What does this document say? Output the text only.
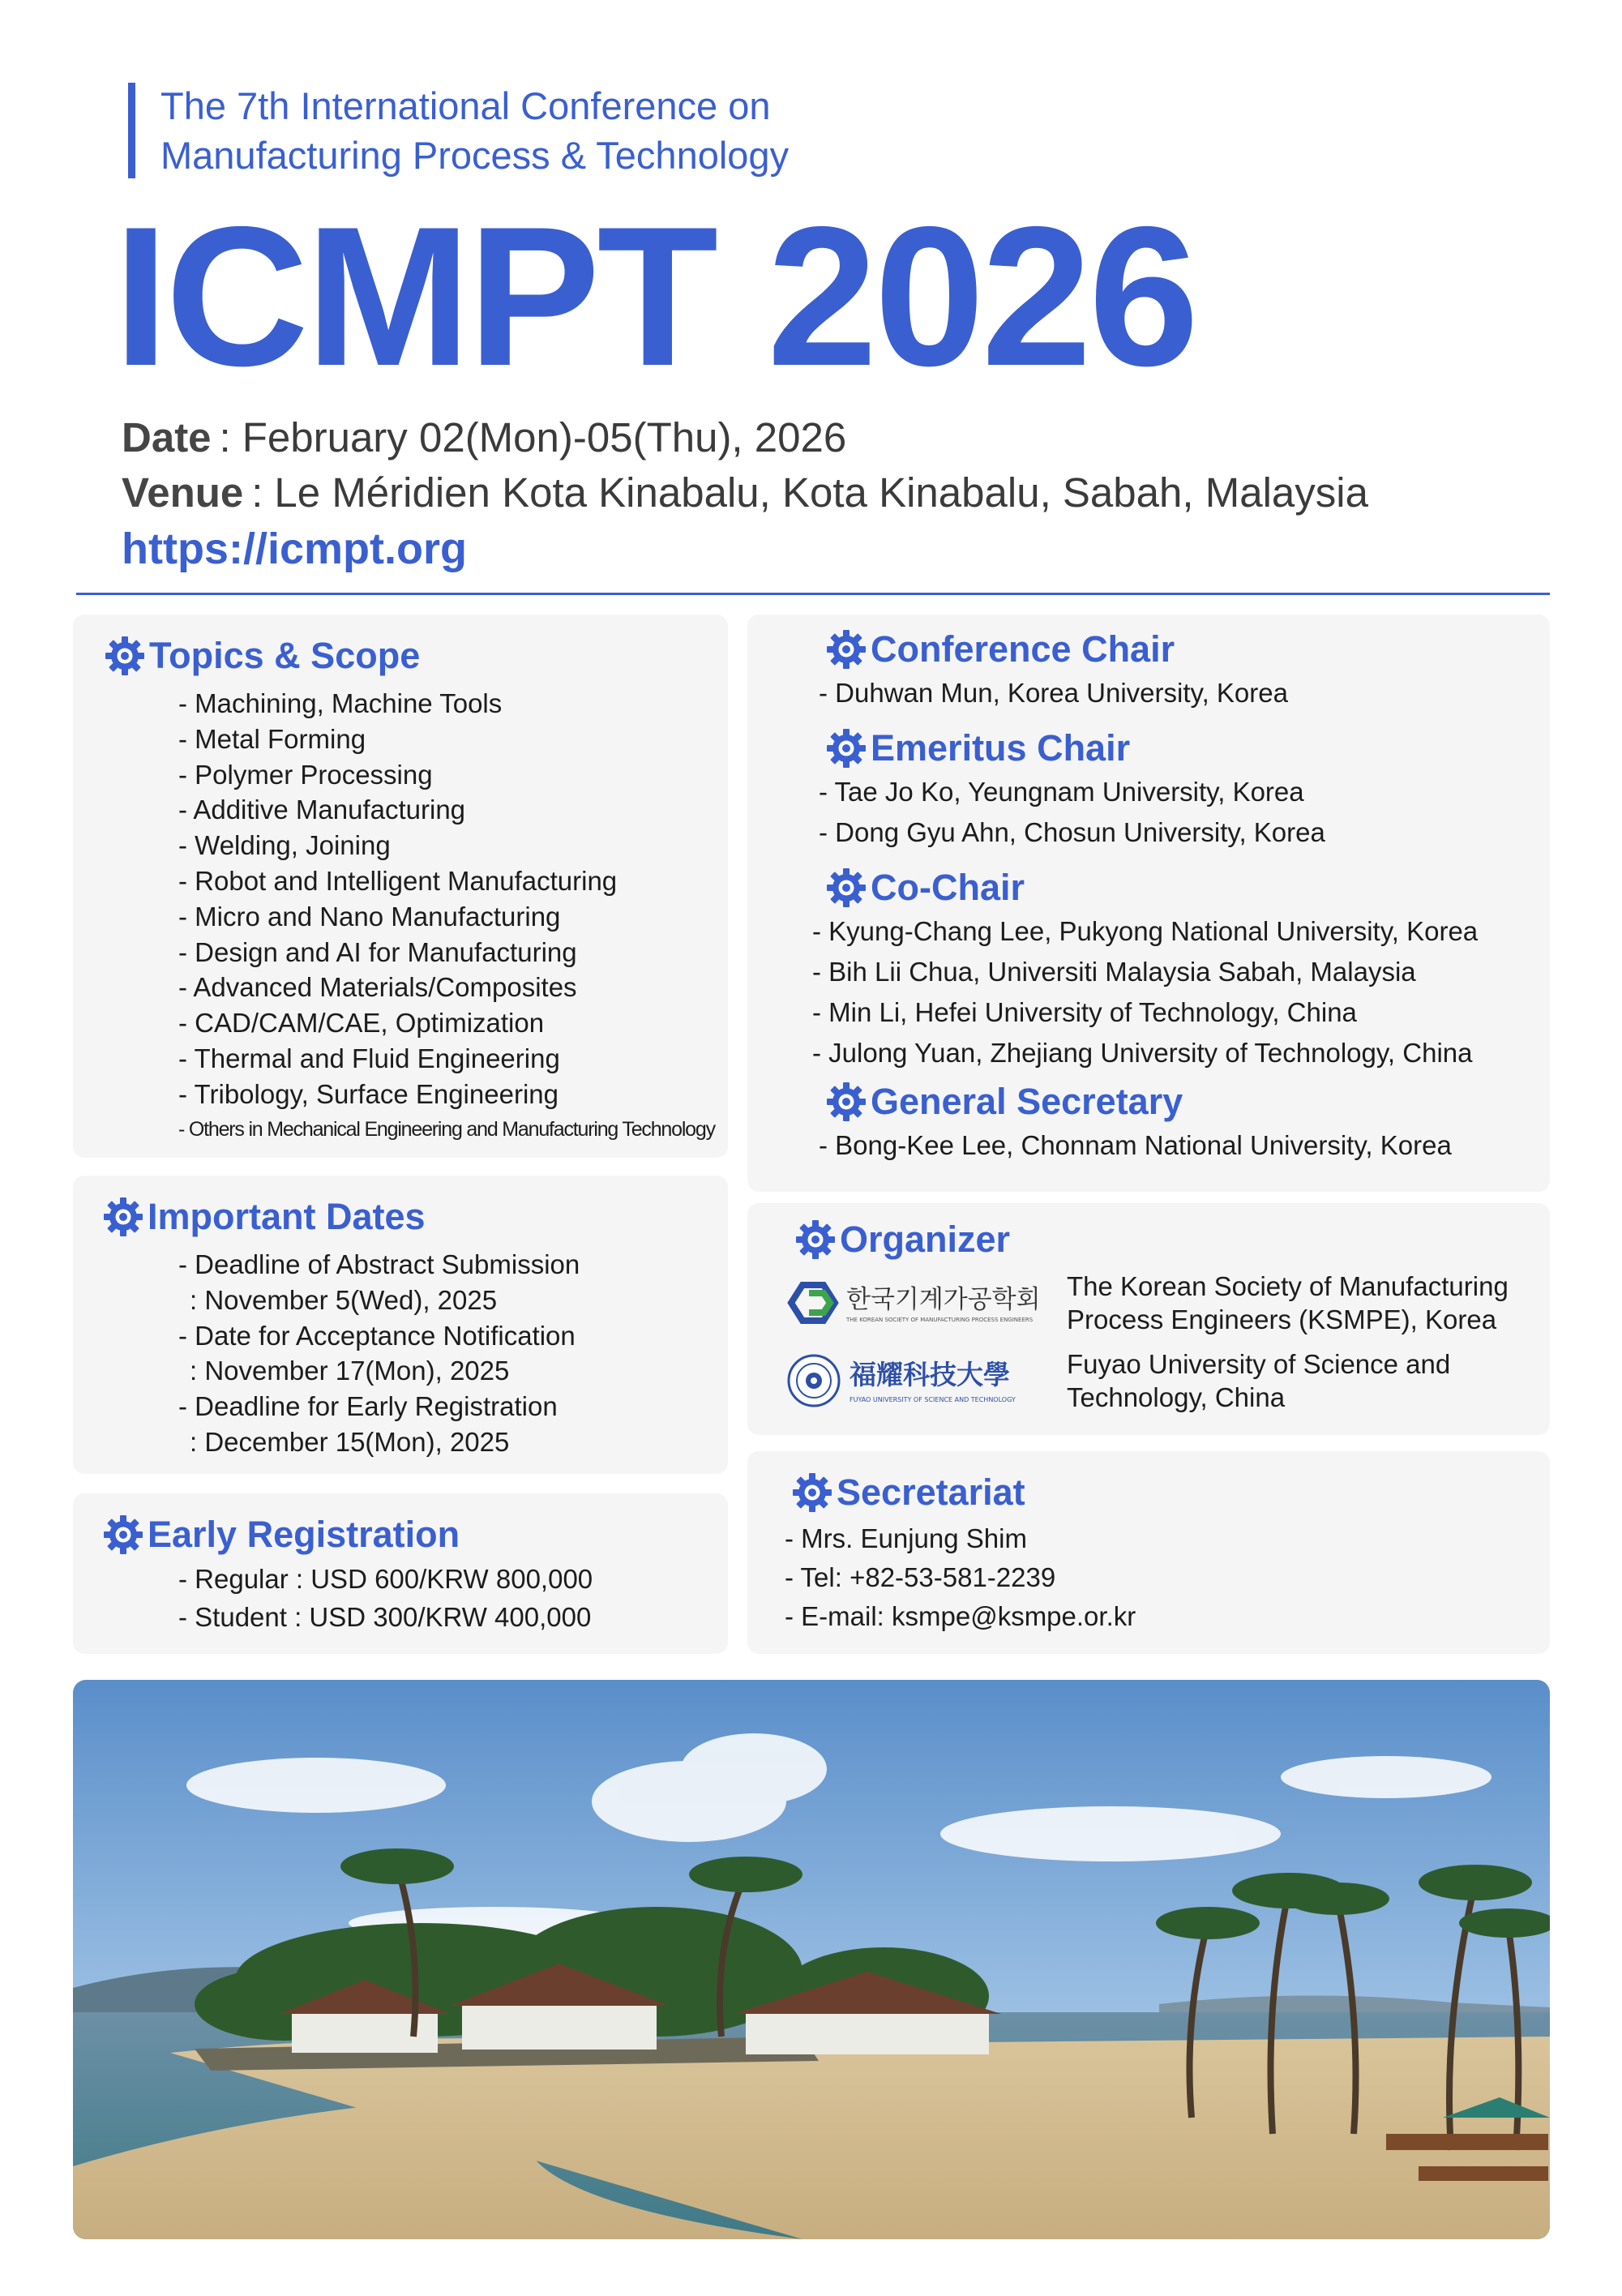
The 7th International Conference on
Manufacturing Process & Technology
ICMPT 2026
Date : February 02(Mon)-05(Thu), 2026
Venue : Le Méridien Kota Kinabalu, Kota Kinabalu, Sabah, Malaysia
https://icmpt.org
Topics & Scope
- Machining, Machine Tools
- Metal Forming
- Polymer Processing
- Additive Manufacturing
- Welding, Joining
- Robot and Intelligent Manufacturing
- Micro and Nano Manufacturing
- Design and AI for Manufacturing
- Advanced Materials/Composites
- CAD/CAM/CAE, Optimization
- Thermal and Fluid Engineering
- Tribology, Surface Engineering
- Others in Mechanical Engineering and Manufacturing Technology
Important Dates
- Deadline of Abstract Submission
: November 5(Wed), 2025
- Date for Acceptance Notification
: November 17(Mon), 2025
- Deadline for Early Registration
: December 15(Mon), 2025
Early Registration
- Regular : USD 600/KRW 800,000
- Student : USD 300/KRW 400,000
Conference Chair
- Duhwan Mun, Korea University, Korea
Emeritus Chair
- Tae Jo Ko, Yeungnam University, Korea
- Dong Gyu Ahn, Chosun University, Korea
Co-Chair
- Kyung-Chang Lee, Pukyong National University, Korea
- Bih Lii Chua, Universiti Malaysia Sabah, Malaysia
- Min Li, Hefei University of Technology, China
- Julong Yuan, Zhejiang University of Technology, China
General Secretary
- Bong-Kee Lee, Chonnam National University, Korea
Organizer
한국기계가공학회
THE KOREAN SOCIETY OF MANUFACTURING PROCESS ENGINEERS
The Korean Society of Manufacturing
Process Engineers (KSMPE), Korea
福耀科技大學
FUYAO UNIVERSITY OF SCIENCE AND TECHNOLOGY
Fuyao University of Science and
Technology, China
Secretariat
- Mrs. Eunjung Shim
- Tel: +82-53-581-2239
- E-mail: ksmpe@ksmpe.or.kr
